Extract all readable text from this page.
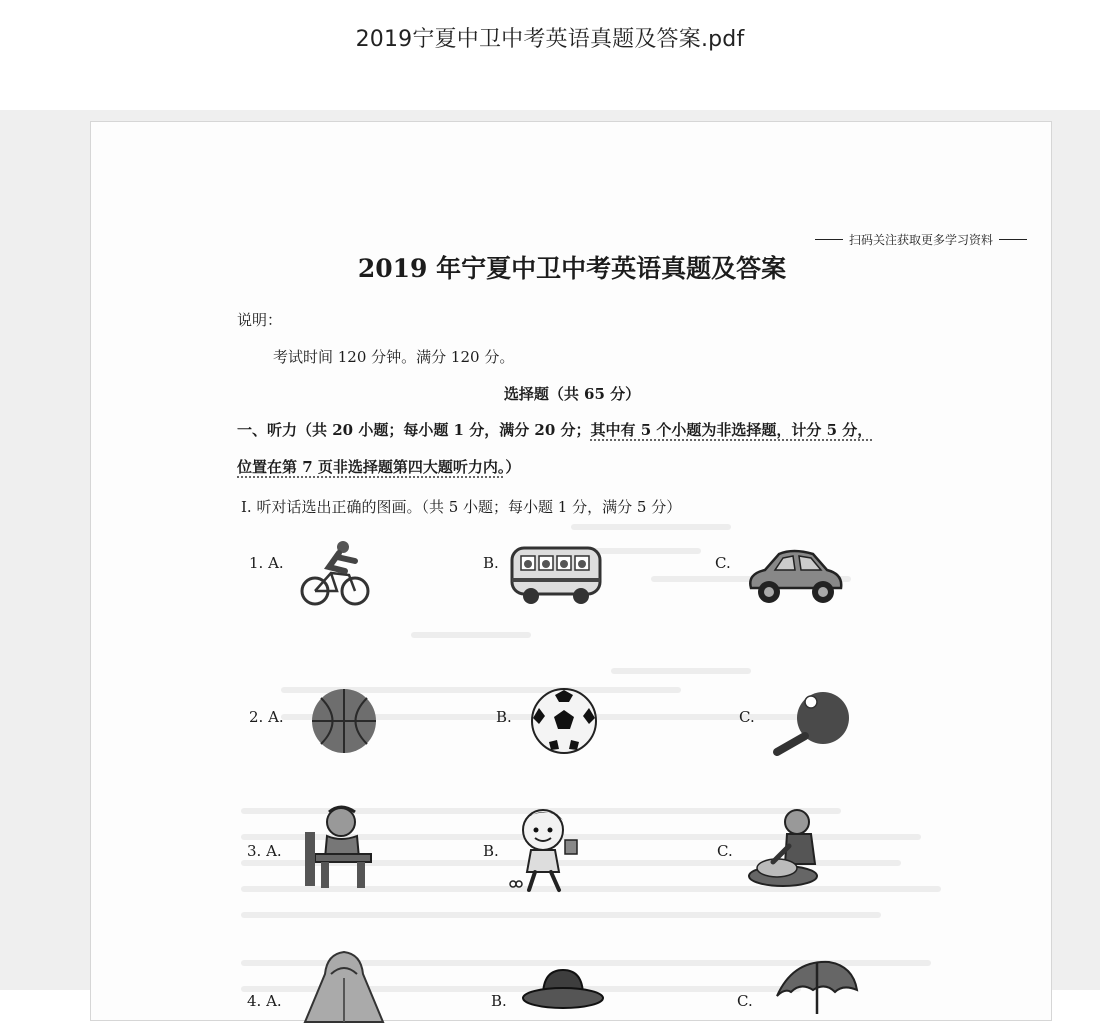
2019宁夏中卫中考英语真题及答案.pdf
扫码关注获取更多学习资料
2019 年宁夏中卫中考英语真题及答案
说明：
考试时间 120 分钟。满分 120 分。
选择题（共 65 分）
一、听力（共 20 小题；每小题 1 分，满分 20 分；其中有 5 个小题为非选择题，计分 5 分，
位置在第 7 页非选择题第四大题听力内。）
Ⅰ. 听对话选出正确的图画。（共 5 小题；每小题 1 分，满分 5 分）
1. A.	B.	C.
2. A.	B.	C.
3. A.	B.	C.
4. A.	B.	C.
